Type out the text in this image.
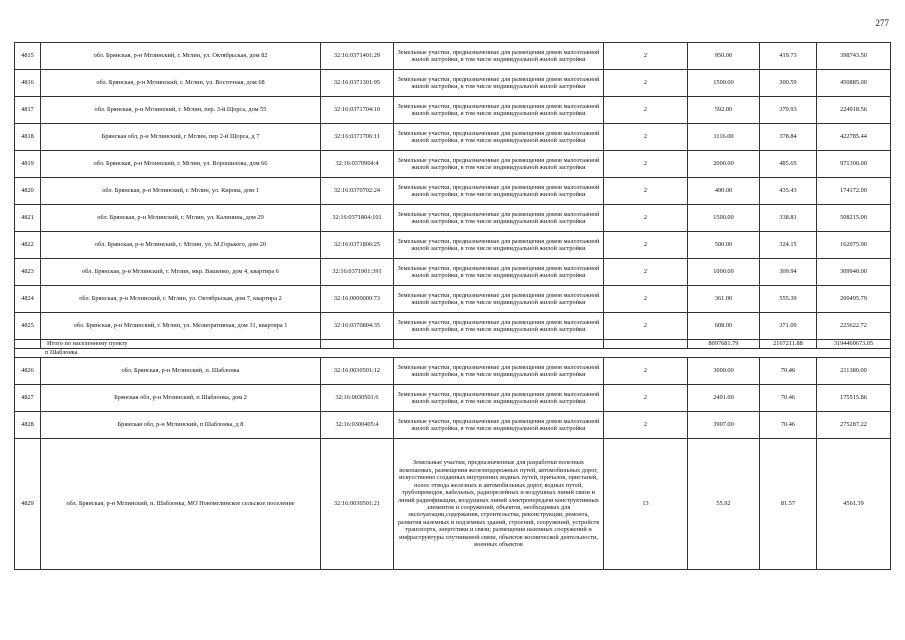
277
4815	обл. Брянская, р-н Мглинский, г. Мглин, ул. Октябрьская, дом 82	32:16:0371401:29	Земельные участки, предназначенные для размещения домов малоэтажной жилой застройки, в том числе индивидуальной жилой застройки	2	950.00	419.73	398743.50
4816	обл. Брянская, р-н Мглинский, г. Мглин, ул. Восточная, дом 68	32:16:0371301:95	Земельные участки, предназначенные для размещения домов малоэтажной жилой застройки, в том числе индивидуальной жилой застройки	2	1500.00	300.59	450885.00
4817	обл. Брянская, р-н Мглинский, г. Мглин, пер. 3-й Щорса, дом 55	32:16:0371704:10	Земельные участки, предназначенные для размещения домов малоэтажной жилой застройки, в том числе индивидуальной жилой застройки	2	592.00	379.93	224918.56
4818	Брянская обл, р-н Мглинский, г Мглин, пер 2-й Щорса, д 7	32:16:0371706:11	Земельные участки, предназначенные для размещения домов малоэтажной жилой застройки, в том числе индивидуальной жилой застройки	2	1116.00	378.84	422785.44
4819	обл. Брянская, р-н Мглинский, г. Мглин, ул. Ворошилова, дом 66	32:16:0370904:4	Земельные участки, предназначенные для размещения домов малоэтажной жилой застройки, в том числе индивидуальной жилой застройки	2	2000.00	485.65	971300.00
4820	обл. Брянская, р-н Мглинский, г. Мглин, ул. Кирова, дом 1	32:16:0370702:24	Земельные участки, предназначенные для размещения домов малоэтажной жилой застройки, в том числе индивидуальной жилой застройки	2	400.00	435.43	174172.00
4821	обл. Брянская, р-н Мглинский, г. Мглин, ул. Калинина, дом 29	32:16:0371804:101	Земельные участки, предназначенные для размещения домов малоэтажной жилой застройки, в том числе индивидуальной жилой застройки	2	1500.00	338.81	508215.00
4822	обл. Брянская, р-н Мглинский, г. Мглин, ул. М.Горького, дом 20	32:16:0371806:25	Земельные участки, предназначенные для размещения домов малоэтажной жилой застройки, в том числе индивидуальной жилой застройки	2	500.00	324.15	162075.00
4823	обл. Брянская, р-н Мглинский, г. Мглин, мкр. Вашенко, дом 4, квартира 6	32:16:0371901:391	Земельные участки, предназначенные для размещения домов малоэтажной жилой застройки, в том числе индивидуальной жилой застройки	2	1000.00	309.94	309940.00
4824	обл. Брянская, р-н Мглинский, г. Мглин, ул. Октябрьская, дом 7, квартира 2	32:16:0000000:73	Земельные участки, предназначенные для размещения домов малоэтажной жилой застройки, в том числе индивидуальной жилой застройки	2	361.00	555.39	200495.79
4825	обл. Брянская, р-н Мглинский, г. Мглин, ул. Мелиоративная, дом 31, квартира 1	32:16:0370804:35	Земельные участки, предназначенные для размещения домов малоэтажной жилой застройки, в том числе индивидуальной жилой застройки	2	608.00	371.09	225622.72
	Итого по населенному пункту				8097681.79	2167211.88	3194460673.05
п Шаблонка							
4826	обл. Брянская, р-н Мглинский, п. Шаблонка	32:16:0030501:12	Земельные участки, предназначенные для размещения домов малоэтажной жилой застройки, в том числе индивидуальной жилой застройки	2	3000.00	70.46	211380.00
4827	Брянская обл, р-н Мглинский, п Шаблонка, дом 2	32:16:0030501:6	Земельные участки, предназначенные для размещения домов малоэтажной жилой застройки, в том числе индивидуальной жилой застройки	2	2491.00	70.46	175515.86
4828	Брянская обл, р-н Мглинский, п Шаблонка, д 8	32:16:0300405:4	Земельные участки, предназначенные для размещения домов малоэтажной жилой застройки, в том числе индивидуальной жилой застройки	2	3907.00	70.46	275287.22
4829	обл. Брянская, р-н Мглинский, п. Шаблонка, МО Новомглинское сельское поселение	32:16:0030501:21	Земельные участки, предназначенные для разработки полезных ископаемых, размещения железнодорожных путей, автомобильных дорог, искусственно созданных внутренних водных путей, причалов, пристаней, полос отвода железных и автомобильных дорог, водных путей, трубопроводов, кабельных, радиорелейных и воздушных линий связи и линий радиофикации, воздушных линий электропередачи конструктивных элементов и сооружений, объектов, необходимых для эксплуатации,содержания, строительства, реконструкции, ремонта, развития наземных и подземных зданий, строений, сооружений, устройств транспорта, энергетики и связи; размещения наземных сооружений и инфраструктуры спутниковой связи, объектов космической деятельности, военных объектов	13	55.92	81.57	4561.39
